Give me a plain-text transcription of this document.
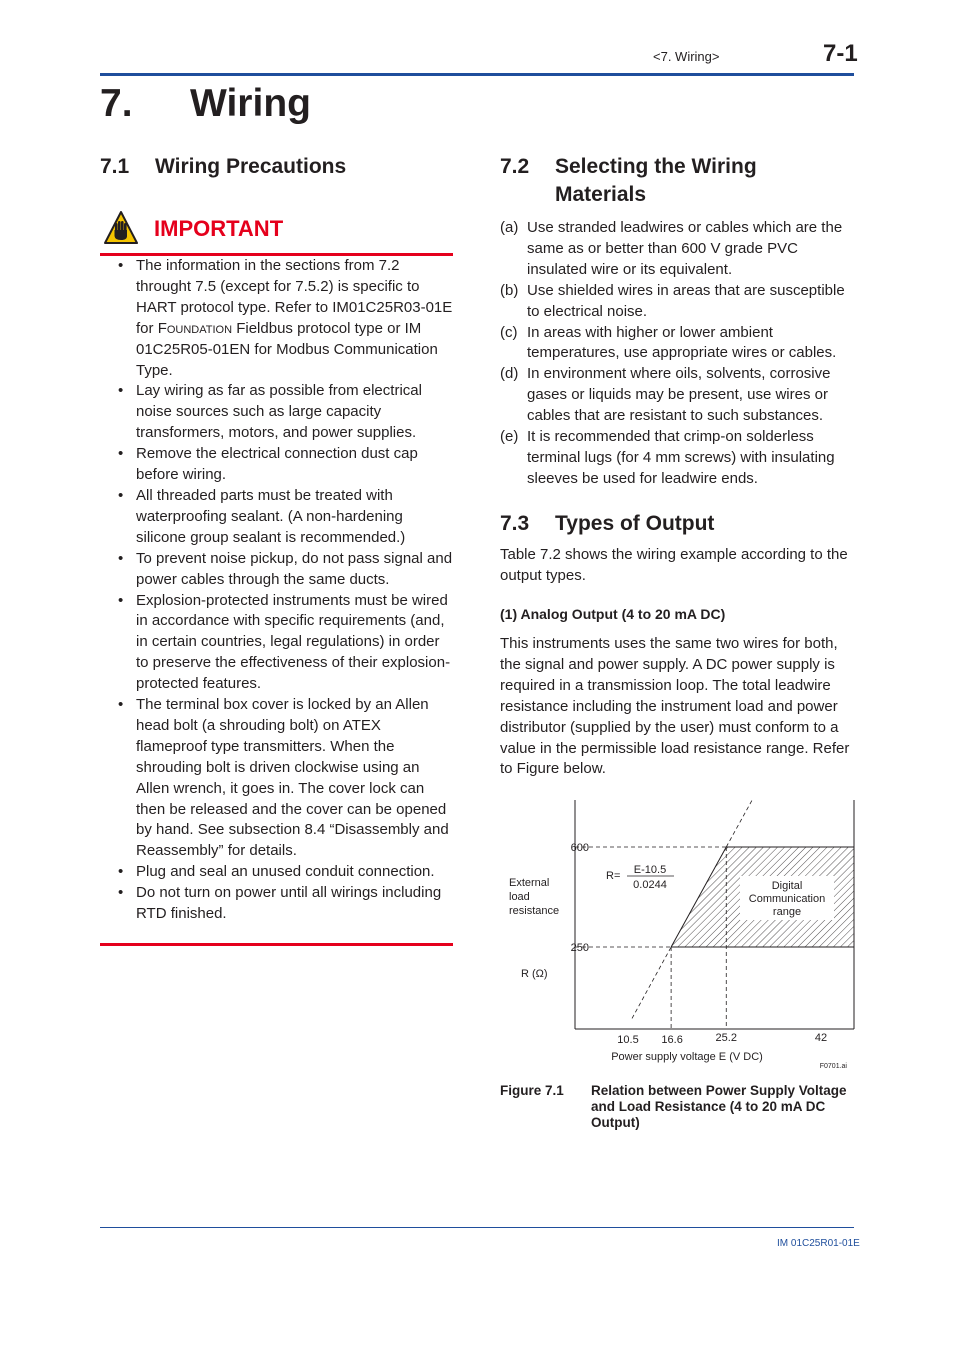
<7. Wiring>	7-1
7. Wiring
7.1 Wiring Precautions
IMPORTANT
• The information in the sections from 7.2 throught 7.5 (except for 7.5.2) is specific to HART protocol type. Refer to IM01C25R03-01E for Foundation Fieldbus protocol type or IM 01C25R05-01EN for Modbus Communication Type.
• Lay wiring as far as possible from electrical noise sources such as large capacity transformers, motors, and power supplies.
• Remove the electrical connection dust cap before wiring.
• All threaded parts must be treated with waterproofing sealant. (A non-hardening silicone group sealant is recommended.)
• To prevent noise pickup, do not pass signal and power cables through the same ducts.
• Explosion-protected instruments must be wired in accordance with specific requirements (and, in certain countries, legal regulations) in order to preserve the effectiveness of their explosion-protected features.
• The terminal box cover is locked by an Allen head bolt (a shrouding bolt) on ATEX flameproof type transmitters. When the shrouding bolt is driven clockwise using an Allen wrench, it goes in. The cover lock can then be released and the cover can be opened by hand. See subsection 8.4 “Disassembly and Reassembly” for details.
• Plug and seal an unused conduit connection.
• Do not turn on power until all wirings including RTD finished.
7.2 Selecting the Wiring
Materials
(a) Use stranded leadwires or cables which are the same as or better than 600 V grade PVC insulated wire or its equivalent.
(b) Use shielded wires in areas that are susceptible to electrical noise.
(c) In areas with higher or lower ambient temperatures, use appropriate wires or cables.
(d) In environment where oils, solvents, corrosive gases or liquids may be present, use wires or cables that are resistant to such substances.
(e) It is recommended that crimp-on solderless terminal lugs (for 4 mm screws) with insulating sleeves be used for leadwire ends.
7.3 Types of Output
Table 7.2 shows the wiring example according to the output types.
(1) Analog Output (4 to 20 mA DC)
This instruments uses the same two wires for both, the signal and power supply. A DC power supply is required in a transmission loop. The total leadwire resistance including the instrument load and power distributor (supplied by the user) must conform to a value in the permissible load resistance range. Refer to Figure below.
600
250
10.5 16.6	25.2	42
External
load
resistance
R (Ω)
R= E-10.5
0.0244	Digital
Communication
range
Power supply voltage E (V DC)
F0701.ai
Figure 7.1 Relation between Power Supply Voltage and Load Resistance (4 to 20 mA DC Output)
IM 01C25R01-01E
